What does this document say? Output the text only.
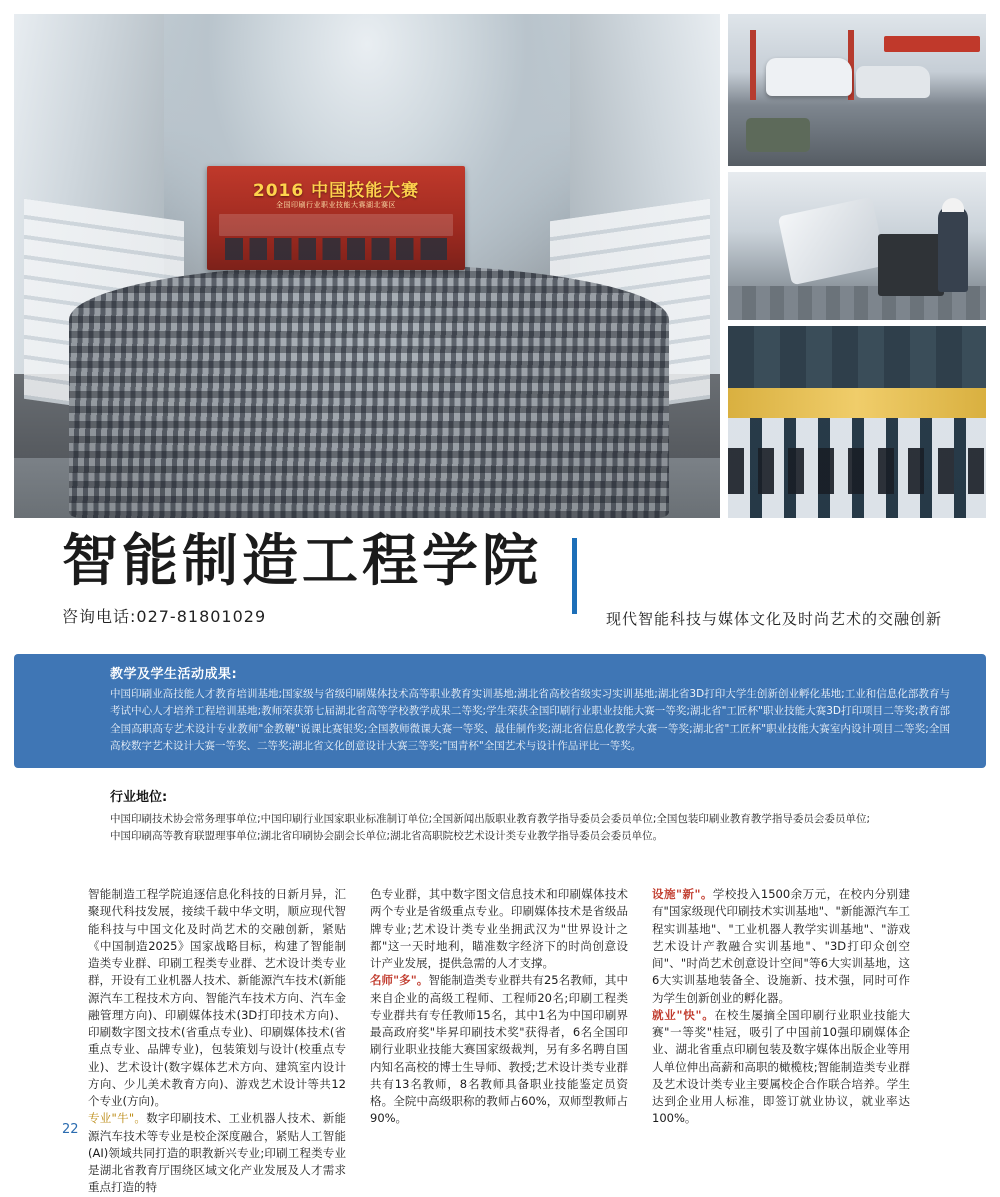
2016 中国技能大赛
全国印刷行业职业技能大赛湖北赛区
智能制造工程学院
咨询电话:027-81801029	现代智能科技与媒体文化及时尚艺术的交融创新
教学及学生活动成果:

中国印刷业高技能人才教育培训基地;国家级与省级印刷媒体技术高等职业教育实训基地;湖北省高校省级实习实训基地;湖北省3D打印大学生创新创业孵化基地;工业和信息化部教育与考试中心人才培养工程培训基地;教师荣获第七届湖北省高等学校教学成果二等奖;学生荣获全国印刷行业职业技能大赛一等奖;湖北省"工匠杯"职业技能大赛3D打印项目二等奖;教育部全国高职高专艺术设计专业教师"金教鞭"说课比赛银奖;全国教师微课大赛一等奖、最佳制作奖;湖北省信息化教学大赛一等奖;湖北省"工匠杯"职业技能大赛室内设计项目二等奖;全国高校数字艺术设计大赛一等奖、二等奖;湖北省文化创意设计大赛三等奖;"国青杯"全国艺术与设计作品评比一等奖。

行业地位:

中国印刷技术协会常务理事单位;中国印刷行业国家职业标准制订单位;全国新闻出版职业教育教学指导委员会委员单位;全国包装印刷业教育教学指导委员会委员单位;中国印刷高等教育联盟理事单位;湖北省印刷协会副会长单位;湖北省高职院校艺术设计类专业教学指导委员会委员单位。

智能制造工程学院追逐信息化科技的日新月异，汇聚现代科技发展，接续千载中华文明，顺应现代智能科技与中国文化及时尚艺术的交融创新，紧贴《中国制造2025》国家战略目标，构建了智能制造类专业群、印刷工程类专业群、艺术设计类专业群，开设有工业机器人技术、新能源汽车技术(新能源汽车工程技术方向、智能汽车技术方向、汽车金融管理方向)、印刷媒体技术(3D打印技术方向)、印刷数字图文技术(省重点专业)、印刷媒体技术(省重点专业、品牌专业)，包装策划与设计(校重点专业)、艺术设计(数字媒体艺术方向、建筑室内设计方向、少儿美术教育方向)、游戏艺术设计等共12个专业(方向)。

专业"牛"。数字印刷技术、工业机器人技术、新能源汽车技术等专业是校企深度融合，紧贴人工智能(AI)领域共同打造的职教新兴专业;印刷工程类专业是湖北省教育厅围绕区域文化产业发展及人才需求重点打造的特

色专业群，其中数字图文信息技术和印刷媒体技术两个专业是省级重点专业。印刷媒体技术是省级品牌专业;艺术设计类专业坐拥武汉为"世界设计之都"这一天时地利，瞄准数字经济下的时尚创意设计产业发展，提供急需的人才支撑。

名师"多"。智能制造类专业群共有25名教师，其中来自企业的高级工程师、工程师20名;印刷工程类专业群共有专任教师15名，其中1名为中国印刷界最高政府奖"毕昇印刷技术奖"获得者，6名全国印刷行业职业技能大赛国家级裁判，另有多名聘自国内知名高校的博士生导师、教授;艺术设计类专业群共有13名教师，8名教师具备职业技能鉴定员资格。全院中高级职称的教师占60%，双师型教师占90%。

设施"新"。学校投入1500余万元，在校内分别建有"国家级现代印刷技术实训基地"、"新能源汽车工程实训基地"、"工业机器人教学实训基地"、"游戏艺术设计产教融合实训基地"、"3D打印众创空间"、"时尚艺术创意设计空间"等6大实训基地，这6大实训基地装备全、设施新、技术强，同时可作为学生创新创业的孵化器。

就业"快"。在校生屡摘全国印刷行业职业技能大赛"一等奖"桂冠，吸引了中国前10强印刷媒体企业、湖北省重点印刷包装及数字媒体出版企业等用人单位伸出高薪和高职的橄榄枝;智能制造类专业群及艺术设计类专业主要属校企合作联合培养。学生达到企业用人标准，即签订就业协议，就业率达100%。

22
